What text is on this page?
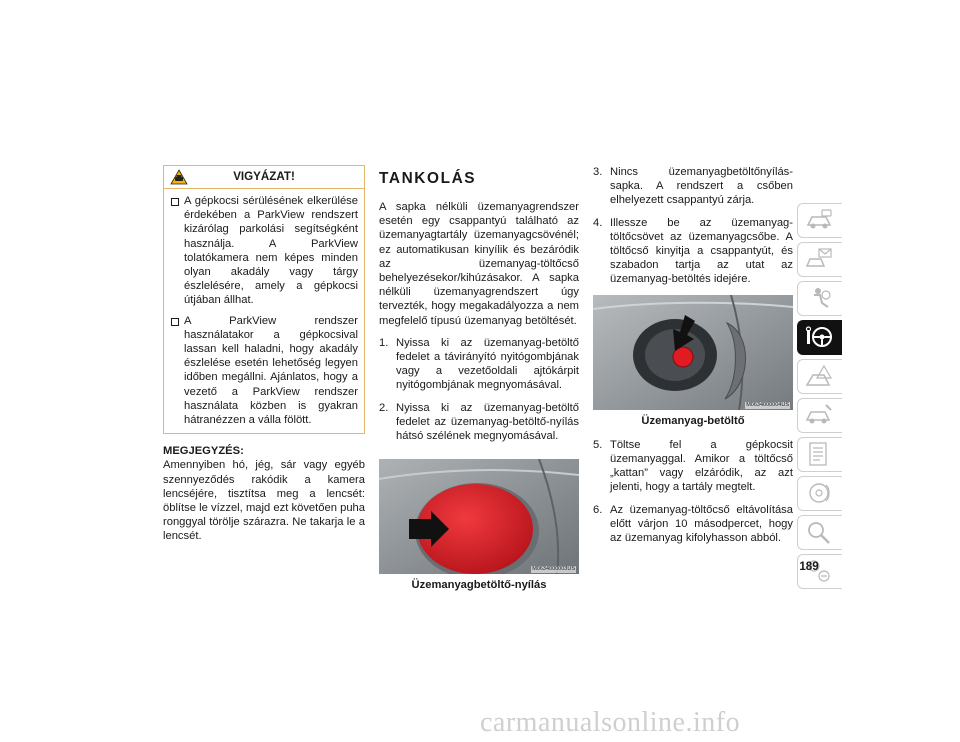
VIGYÁZAT!
A gépkocsi sérülésének elkerülése érdekében a ParkView rendszert kizárólag parkolási segítségként használja. A ParkView tolatókamera nem képes minden olyan akadály vagy tárgy észlelésére, amely a gépkocsi útjában állhat.
A ParkView rendszer használatakor a gépkocsival lassan kell haladni, hogy akadály észlelése esetén lehetőség legyen időben megállni. Ajánlatos, hogy a vezető a ParkView rendszer használata közben is gyakran hátranézzen a válla fölött.
MEGJEGYZÉS:
Amennyiben hó, jég, sár vagy egyéb szennyeződés rakódik a kamera lencséjére, tisztítsa meg a lencsét: öblítse le vízzel, majd ezt követően puha ronggyal törölje szárazra. Ne takarja le a lencsét.
TANKOLÁS
A sapka nélküli üzemanyagrendszer esetén egy csappantyú található az üzemanyagtartály üzemanyagcsövénél; ez automatikusan kinyílik és bezáródik az üzemanyag-töltőcső behelyezésekor/kihúzásakor. A sapka nélküli üzemanyagrendszert úgy tervezték, hogy megakadályozza a nem megfelelő típusú üzemanyag betöltését.
1. Nyissa ki az üzemanyag-betöltő fedelet a távirányító nyitógombjának vagy a vezetőoldali ajtókárpit nyitógombjának megnyomásával.
2. Nyissa ki az üzemanyag-betöltő fedelet az üzemanyag-betöltő-nyílás hátsó szélének megnyomásával.
M0634000003US
Üzemanyagbetöltő-nyílás
3. Nincs üzemanyagbetöltőnyílás-sapka. A rendszert a csőben elhelyezett csappantyú zárja.
4. Illessze be az üzemanyag-töltőcsövet az üzemanyagcsőbe. A töltőcső kinyitja a csappantyút, és szabadon tartja az utat az üzemanyag-betöltés idejére.
M0634000004US
Üzemanyag-betöltő
5. Töltse fel a gépkocsit üzemanyaggal. Amikor a töltőcső „kattan” vagy elzáródik, az azt jelenti, hogy a tartály megtelt.
6. Az üzemanyag-töltőcső eltávolítása előtt várjon 10 másodpercet, hogy az üzemanyag kifolyhasson abból.
189
carmanualsonline.info
